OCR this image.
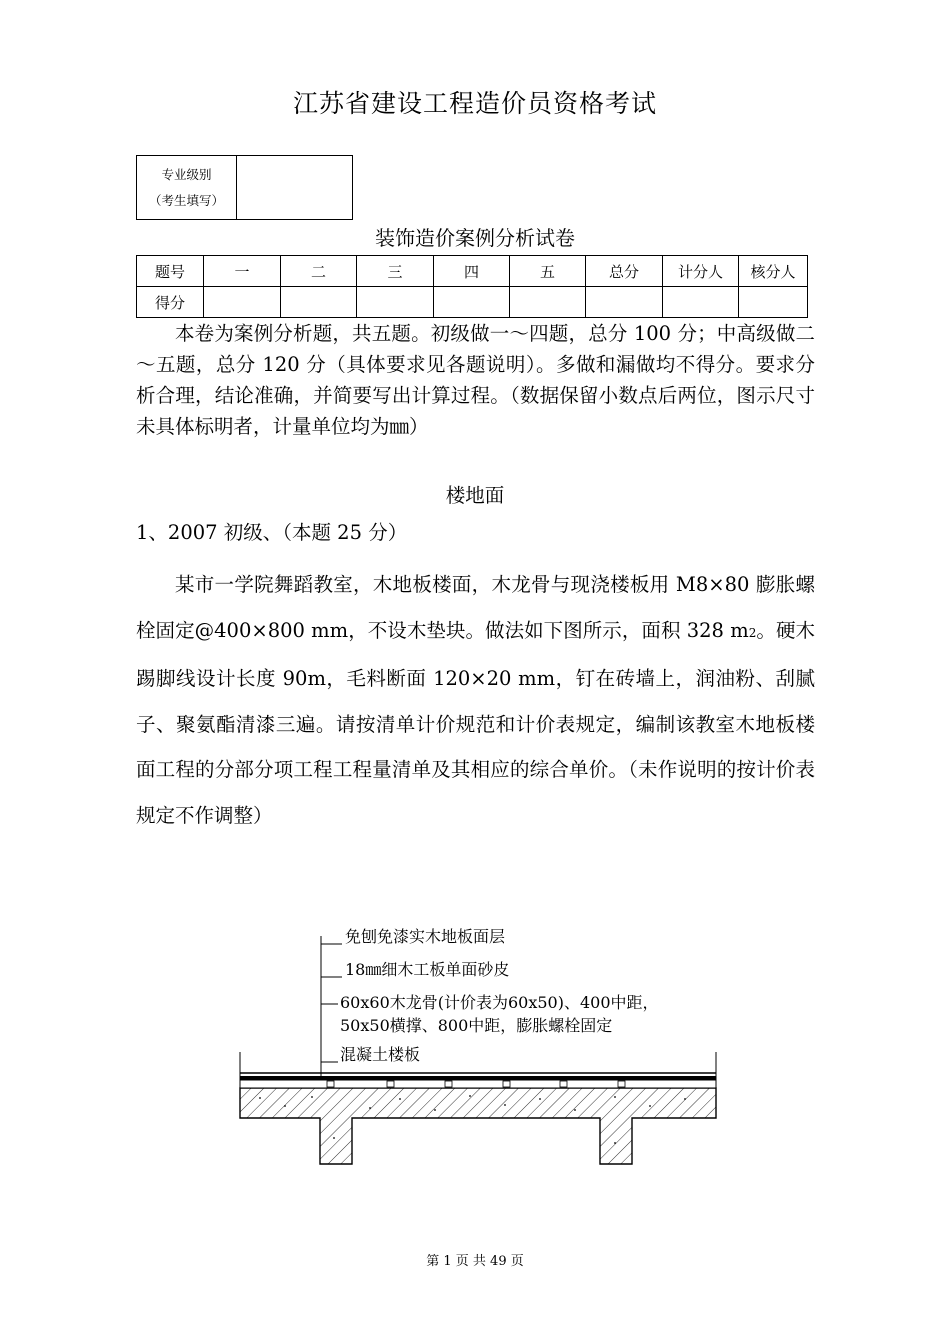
江苏省建设工程造价员资格考试
专业级别
（考生填写）

装饰造价案例分析试卷
题号	一	二	三	四	五	总分	计分人	核分人
得分								
本卷为案例分析题，共五题。初级做一～四题，总分 100 分；中高级做二～五题，总分 120 分（具体要求见各题说明）。多做和漏做均不得分。要求分析合理，结论准确，并简要写出计算过程。（数据保留小数点后两位，图示尺寸未具体标明者，计量单位均为㎜）
楼地面
1、2007 初级、（本题 25 分）
某市一学院舞蹈教室，木地板楼面，木龙骨与现浇楼板用 M8×80 膨胀螺栓固定@400×800 mm，不设木垫块。做法如下图所示，面积 328 m2。硬木踢脚线设计长度 90m，毛料断面 120×20 mm，钉在砖墙上，润油粉、刮腻子、聚氨酯清漆三遍。请按清单计价规范和计价表规定，编制该教室木地板楼面工程的分部分项工程工程量清单及其相应的综合单价。（未作说明的按计价表规定不作调整）
免刨免漆实木地板面层
18㎜细木工板单面砂皮
60x60木龙骨(计价表为60x50)、400中距，
50x50横撑、800中距，膨胀螺栓固定
混凝土楼板
第 1 页 共 49 页
